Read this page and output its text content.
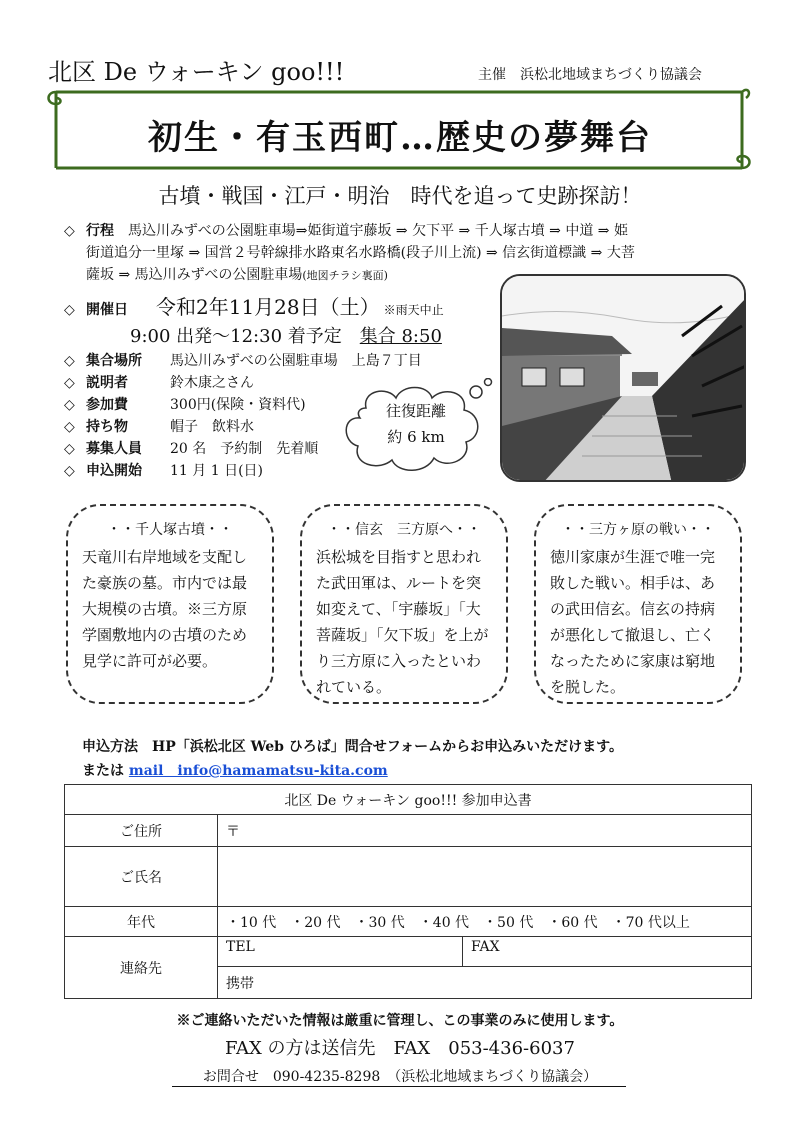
北区 De ウォーキン goo!!!	主催　浜松北地域まちづくり協議会
初生・有玉西町…歴史の夢舞台
古墳・戦国・江戸・明治　時代を追って史跡探訪！
◇ 行程　 馬込川みずべの公園駐車場⇒姫街道宇藤坂 ⇒ 欠下平 ⇒ 千人塚古墳 ⇒ 中道 ⇒ 姫
街道追分一里塚 ⇒ 国営２号幹線排水路東名水路橋(段子川上流) ⇒ 信玄街道標識 ⇒ 大菩
薩坂 ⇒ 馬込川みずべの公園駐車場(地図チラシ裏面)
◇ 開催日　　 令和2年11月28日（土）　 ※雨天中止
9:00 出発～12:30 着予定　 集合 8:50
◇ 集合場所 馬込川みずべの公園駐車場　上島７丁目
◇ 説明者	鈴木康之さん
◇ 参加費	300円(保険・資料代)
◇ 持ち物	帽子　飲料水
◇ 募集人員 20 名　予約制　先着順
◇ 申込開始 11 月 1 日(日)
往復距離
約 6 km
・・千人塚古墳・・
天竜川右岸地域を支配した豪族の墓。市内では最大規模の古墳。※三方原学園敷地内の古墳のため見学に許可が必要。
・・信玄　三方原へ・・
浜松城を目指すと思われた武田軍は、ルートを突如変えて、「宇藤坂」「大菩薩坂」「欠下坂」を上がり三方原に入ったといわれている。
・・三方ヶ原の戦い・・
徳川家康が生涯で唯一完敗した戦い。相手は、あの武田信玄。信玄の持病が悪化して撤退し、亡くなったために家康は窮地を脱した。
申込方法　HP「浜松北区 Web ひろば」問合せフォームからお申込みいただけます。
または mail　info@hamamatsu-kita.com
北区 De ウォーキン goo!!! 参加申込書		
ご住所	〒	
ご氏名		
年代	・10 代　・20 代　・30 代　・40 代　・50 代　・60 代　・70 代以上	
連絡先	TEL	FAX
	携帯	
※ご連絡いただいた情報は厳重に管理し、この事業のみに使用します。
FAX の方は送信先　FAX　053-436-6037
お問合せ　090-4235-8298　（浜松北地域まちづくり協議会）
